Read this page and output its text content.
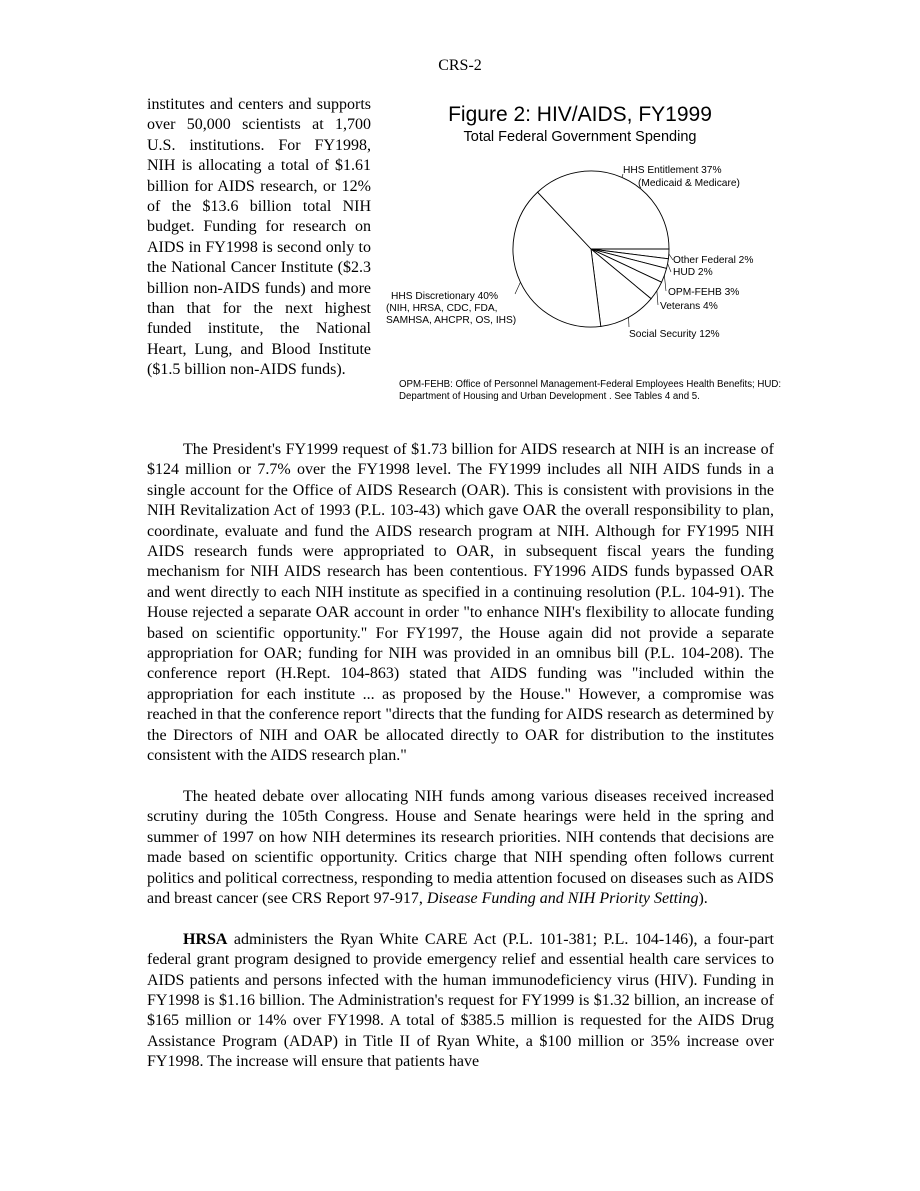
CRS-2
institutes and centers and supports over 50,000 scientists at 1,700 U.S. institutions. For FY1998, NIH is allocating a total of $1.61 billion for AIDS research, or 12% of the $13.6 billion total NIH budget. Funding for research on AIDS in FY1998 is second only to the National Cancer Institute ($2.3 billion non-AIDS funds) and more than that for the next highest funded institute, the National Heart, Lung, and Blood Institute ($1.5 billion non-AIDS funds).
Figure 2: HIV/AIDS, FY1999
Total Federal Government Spending
Other Federal 2%
HUD 2%
OPM-FEHB 3%
Veterans 4%
Social Security 12%
HHS Discretionary 40%
(NIH, HRSA, CDC, FDA,
SAMHSA, AHCPR, OS, IHS)
HHS Entitlement 37%
(Medicaid & Medicare)
OPM-FEHB: Office of Personnel Management-Federal Employees Health Benefits; HUD: Department of Housing and Urban Development . See Tables 4 and 5.

The President's FY1999 request of $1.73 billion for AIDS research at NIH is an increase of $124 million or 7.7% over the FY1998 level. The FY1999 includes all NIH AIDS funds in a single account for the Office of AIDS Research (OAR). This is consistent with provisions in the NIH Revitalization Act of 1993 (P.L. 103-43) which gave OAR the overall responsibility to plan, coordinate, evaluate and fund the AIDS research program at NIH. Although for FY1995 NIH AIDS research funds were appropriated to OAR, in subsequent fiscal years the funding mechanism for NIH AIDS research has been contentious. FY1996 AIDS funds bypassed OAR and went directly to each NIH institute as specified in a continuing resolution (P.L. 104-91). The House rejected a separate OAR account in order "to enhance NIH's flexibility to allocate funding based on scientific opportunity." For FY1997, the House again did not provide a separate appropriation for OAR; funding for NIH was provided in an omnibus bill (P.L. 104-208). The conference report (H.Rept. 104-863) stated that AIDS funding was "included within the appropriation for each institute ... as proposed by the House." However, a compromise was reached in that the conference report "directs that the funding for AIDS research as determined by the Directors of NIH and OAR be allocated directly to OAR for distribution to the institutes consistent with the AIDS research plan."

The heated debate over allocating NIH funds among various diseases received increased scrutiny during the 105th Congress. House and Senate hearings were held in the spring and summer of 1997 on how NIH determines its research priorities. NIH contends that decisions are made based on scientific opportunity. Critics charge that NIH spending often follows current politics and political correctness, responding to media attention focused on diseases such as AIDS and breast cancer (see CRS Report 97-917, Disease Funding and NIH Priority Setting).

HRSA administers the Ryan White CARE Act (P.L. 101-381; P.L. 104-146), a four-part federal grant program designed to provide emergency relief and essential health care services to AIDS patients and persons infected with the human immunodeficiency virus (HIV). Funding in FY1998 is $1.16 billion. The Administration's request for FY1999 is $1.32 billion, an increase of $165 million or 14% over FY1998. A total of $385.5 million is requested for the AIDS Drug Assistance Program (ADAP) in Title II of Ryan White, a $100 million or 35% increase over FY1998. The increase will ensure that patients have
